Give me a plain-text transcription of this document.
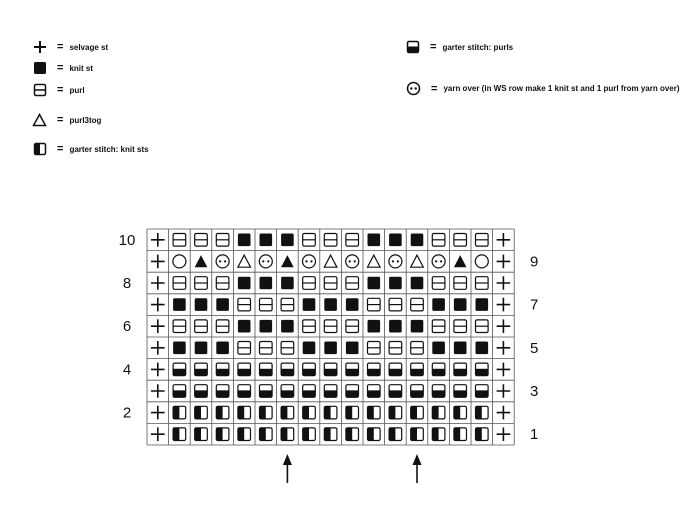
= selvage st
= knit st
= purl
= purl3tog
= garter stitch: knit sts
= garter stitch: purls
= yarn over (in WS row make 1 knit st and 1 purl from yarn over)
10
9
8
7
6
5
4
3
2
1
